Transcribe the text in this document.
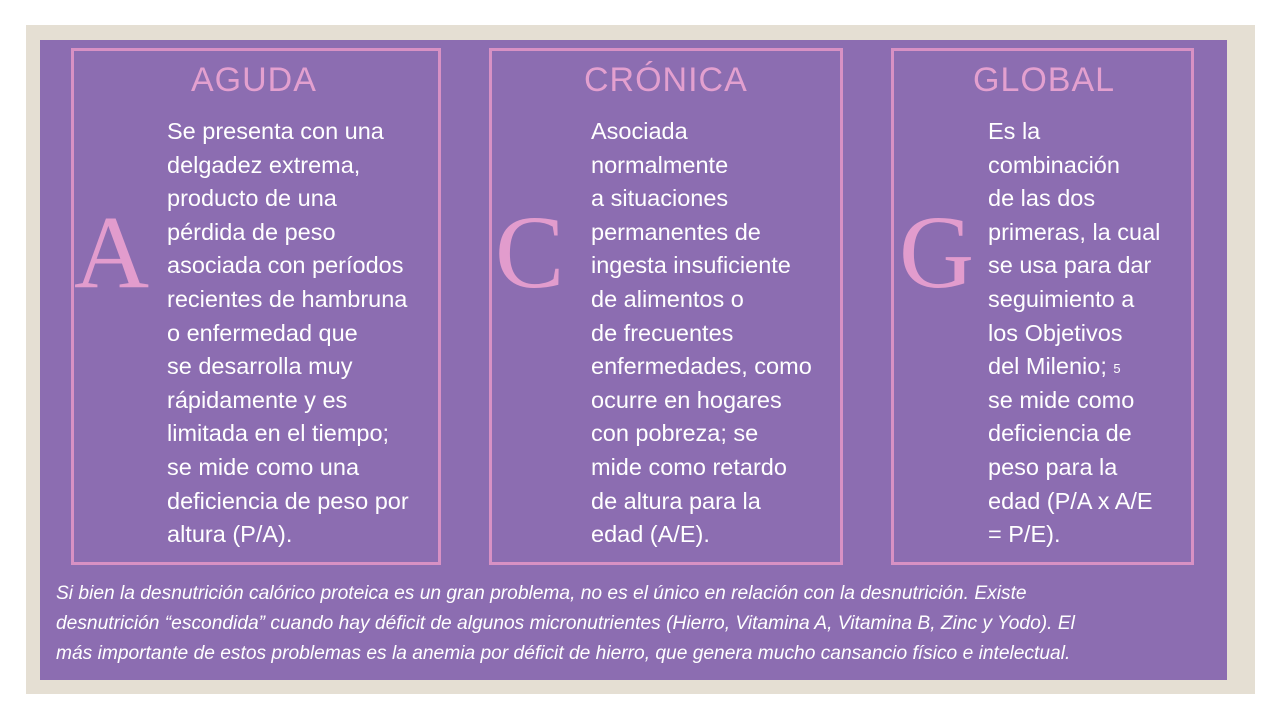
AGUDA
A
Se presenta con una
delgadez extrema,
producto de una
pérdida de peso
asociada con períodos
recientes de hambruna
o enfermedad que
se desarrolla muy
rápidamente y es
limitada en el tiempo;
se mide como una
deficiencia de peso por
altura (P/A).
CRÓNICA
C
Asociada
normalmente
a situaciones
permanentes de
ingesta insuficiente
de alimentos o
de frecuentes
enfermedades, como
ocurre en hogares
con pobreza; se
mide como retardo
de altura para la
edad (A/E).
GLOBAL
G
Es la
combinación
de las dos
primeras, la cual
se usa para dar
seguimiento a
los Objetivos
del Milenio; $^5$
se mide como
deficiencia de
peso para la
edad (P/A x A/E
= P/E).
Si bien la desnutrición calórico proteica es un gran problema, no es el único en relación con la desnutrición. Existe
desnutrición “escondida” cuando hay déficit de algunos micronutrientes (Hierro, Vitamina A, Vitamina B, Zinc y Yodo). El
más importante de estos problemas es la anemia por déficit de hierro, que genera mucho cansancio físico e intelectual.
